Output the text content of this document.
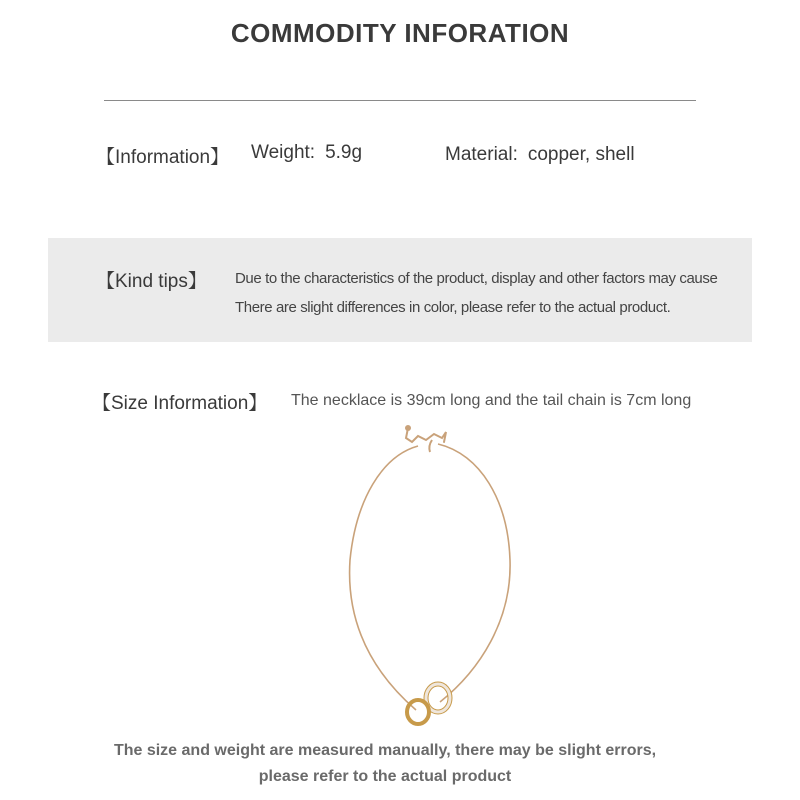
COMMODITY INFORATION
【Information】 Weight: 5.9g	Material: copper, shell
【Kind tips】 Due to the characteristics of the product, display and other factors may cause
There are slight differences in color, please refer to the actual product.
【Size Information】 The necklace is 39cm long and the tail chain is 7cm long
The size and weight are measured manually, there may be slight errors,
please refer to the actual product
